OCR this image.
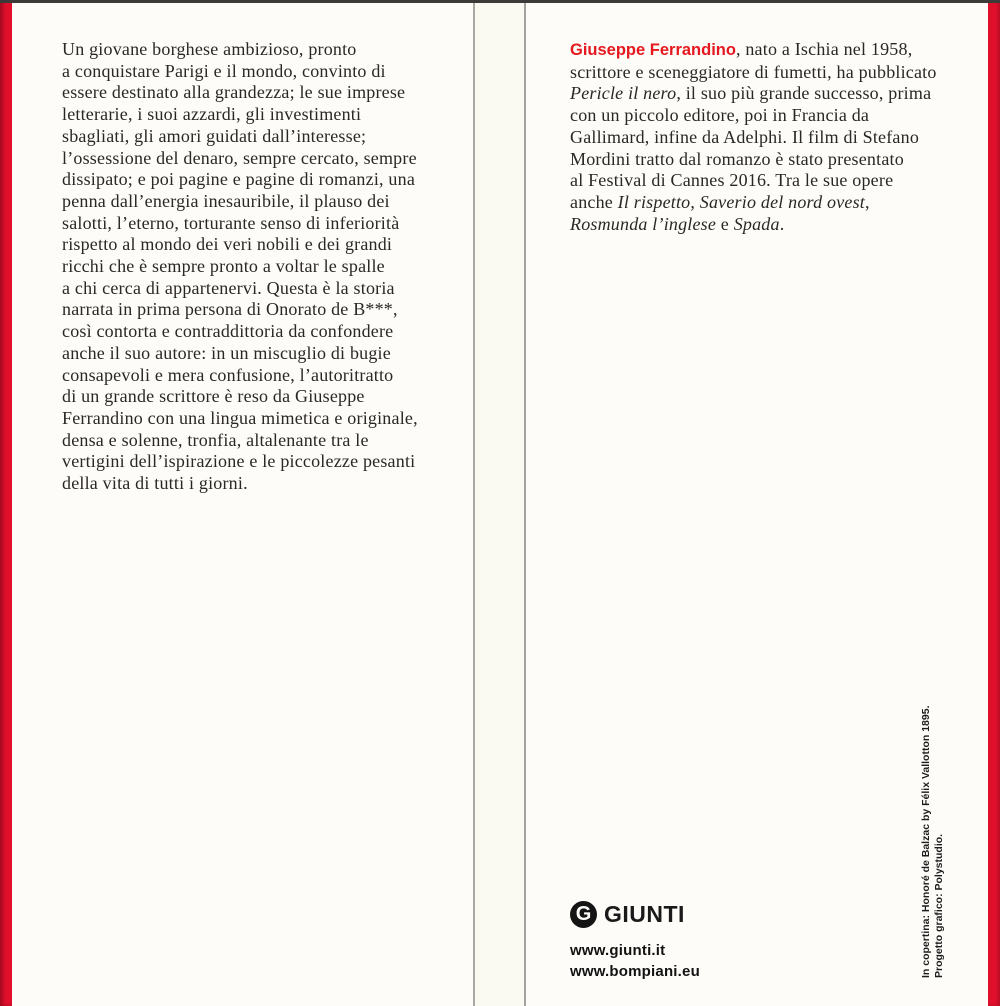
Un giovane borghese ambizioso, pronto
a conquistare Parigi e il mondo, convinto di
essere destinato alla grandezza; le sue imprese
letterarie, i suoi azzardi, gli investimenti
sbagliati, gli amori guidati dall’interesse;
l’ossessione del denaro, sempre cercato, sempre
dissipato; e poi pagine e pagine di romanzi, una
penna dall’energia inesauribile, il plauso dei
salotti, l’eterno, torturante senso di inferiorità
rispetto al mondo dei veri nobili e dei grandi
ricchi che è sempre pronto a voltar le spalle
a chi cerca di appartenervi. Questa è la storia
narrata in prima persona di Onorato de B***,
così contorta e contraddittoria da confondere
anche il suo autore: in un miscuglio di bugie
consapevoli e mera confusione, l’autoritratto
di un grande scrittore è reso da Giuseppe
Ferrandino con una lingua mimetica e originale,
densa e solenne, tronfia, altalenante tra le
vertigini dell’ispirazione e le piccolezze pesanti
della vita di tutti i giorni.
Giuseppe Ferrandino, nato a Ischia nel 1958,
scrittore e sceneggiatore di fumetti, ha pubblicato
Pericle il nero, il suo più grande successo, prima
con un piccolo editore, poi in Francia da
Gallimard, infine da Adelphi. Il film di Stefano
Mordini tratto dal romanzo è stato presentato
al Festival di Cannes 2016. Tra le sue opere
anche Il rispetto, Saverio del nord ovest,
Rosmunda l’inglese e Spada.
G GIUNTI
www.giunti.it
www.bompiani.eu	In copertina: Honoré de Balzac by Félix Vallotton 1895. Progetto grafico: Polystudio.
